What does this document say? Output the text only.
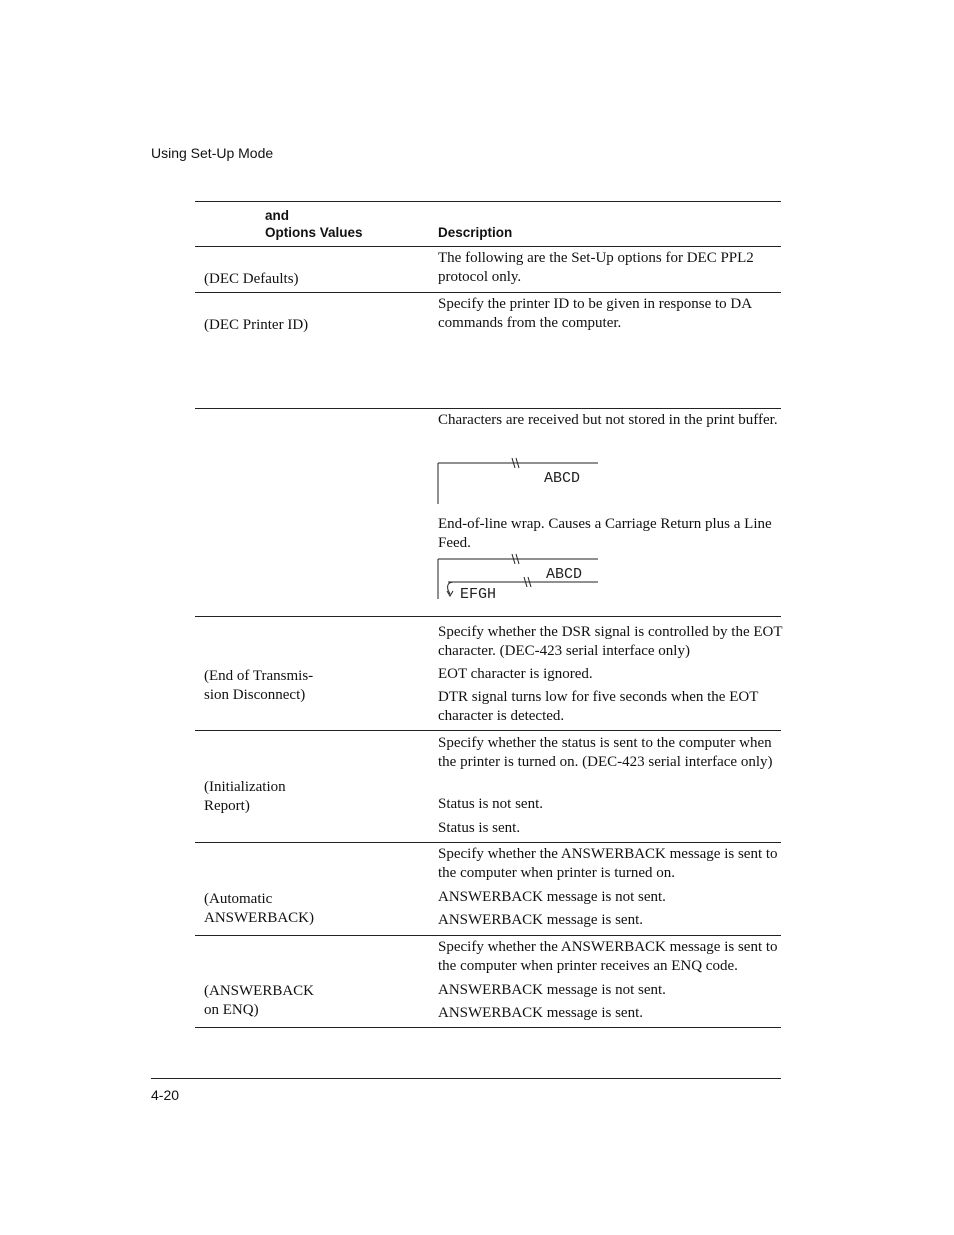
Using Set-Up Mode
and
Options Values	Description
(DEC Defaults)
The following are the Set-Up options for DEC PPL2 protocol only.
(DEC Printer ID)
Specify the printer ID to be given in response to DA commands from the computer.
Characters are received but not stored in the print buffer.
ABCD
End-of-line wrap. Causes a Carriage Return plus a Line Feed.
ABCD
EFGH
(End of Transmis-
sion Disconnect)
Specify whether the DSR signal is controlled by the EOT character. (DEC-423 serial interface only)
EOT character is ignored.
DTR signal turns low for five seconds when the EOT character is detected.
(Initialization
Report)
Specify whether the status is sent to the computer when the printer is turned on. (DEC-423 serial interface only)
Status is not sent.
Status is sent.
(Automatic
ANSWERBACK)
Specify whether the ANSWERBACK message is sent to the computer when printer is turned on.
ANSWERBACK message is not sent.
ANSWERBACK message is sent.
(ANSWERBACK
on ENQ)
Specify whether the ANSWERBACK message is sent to the computer when printer receives an ENQ code.
ANSWERBACK message is not sent.
ANSWERBACK message is sent.
4-20
